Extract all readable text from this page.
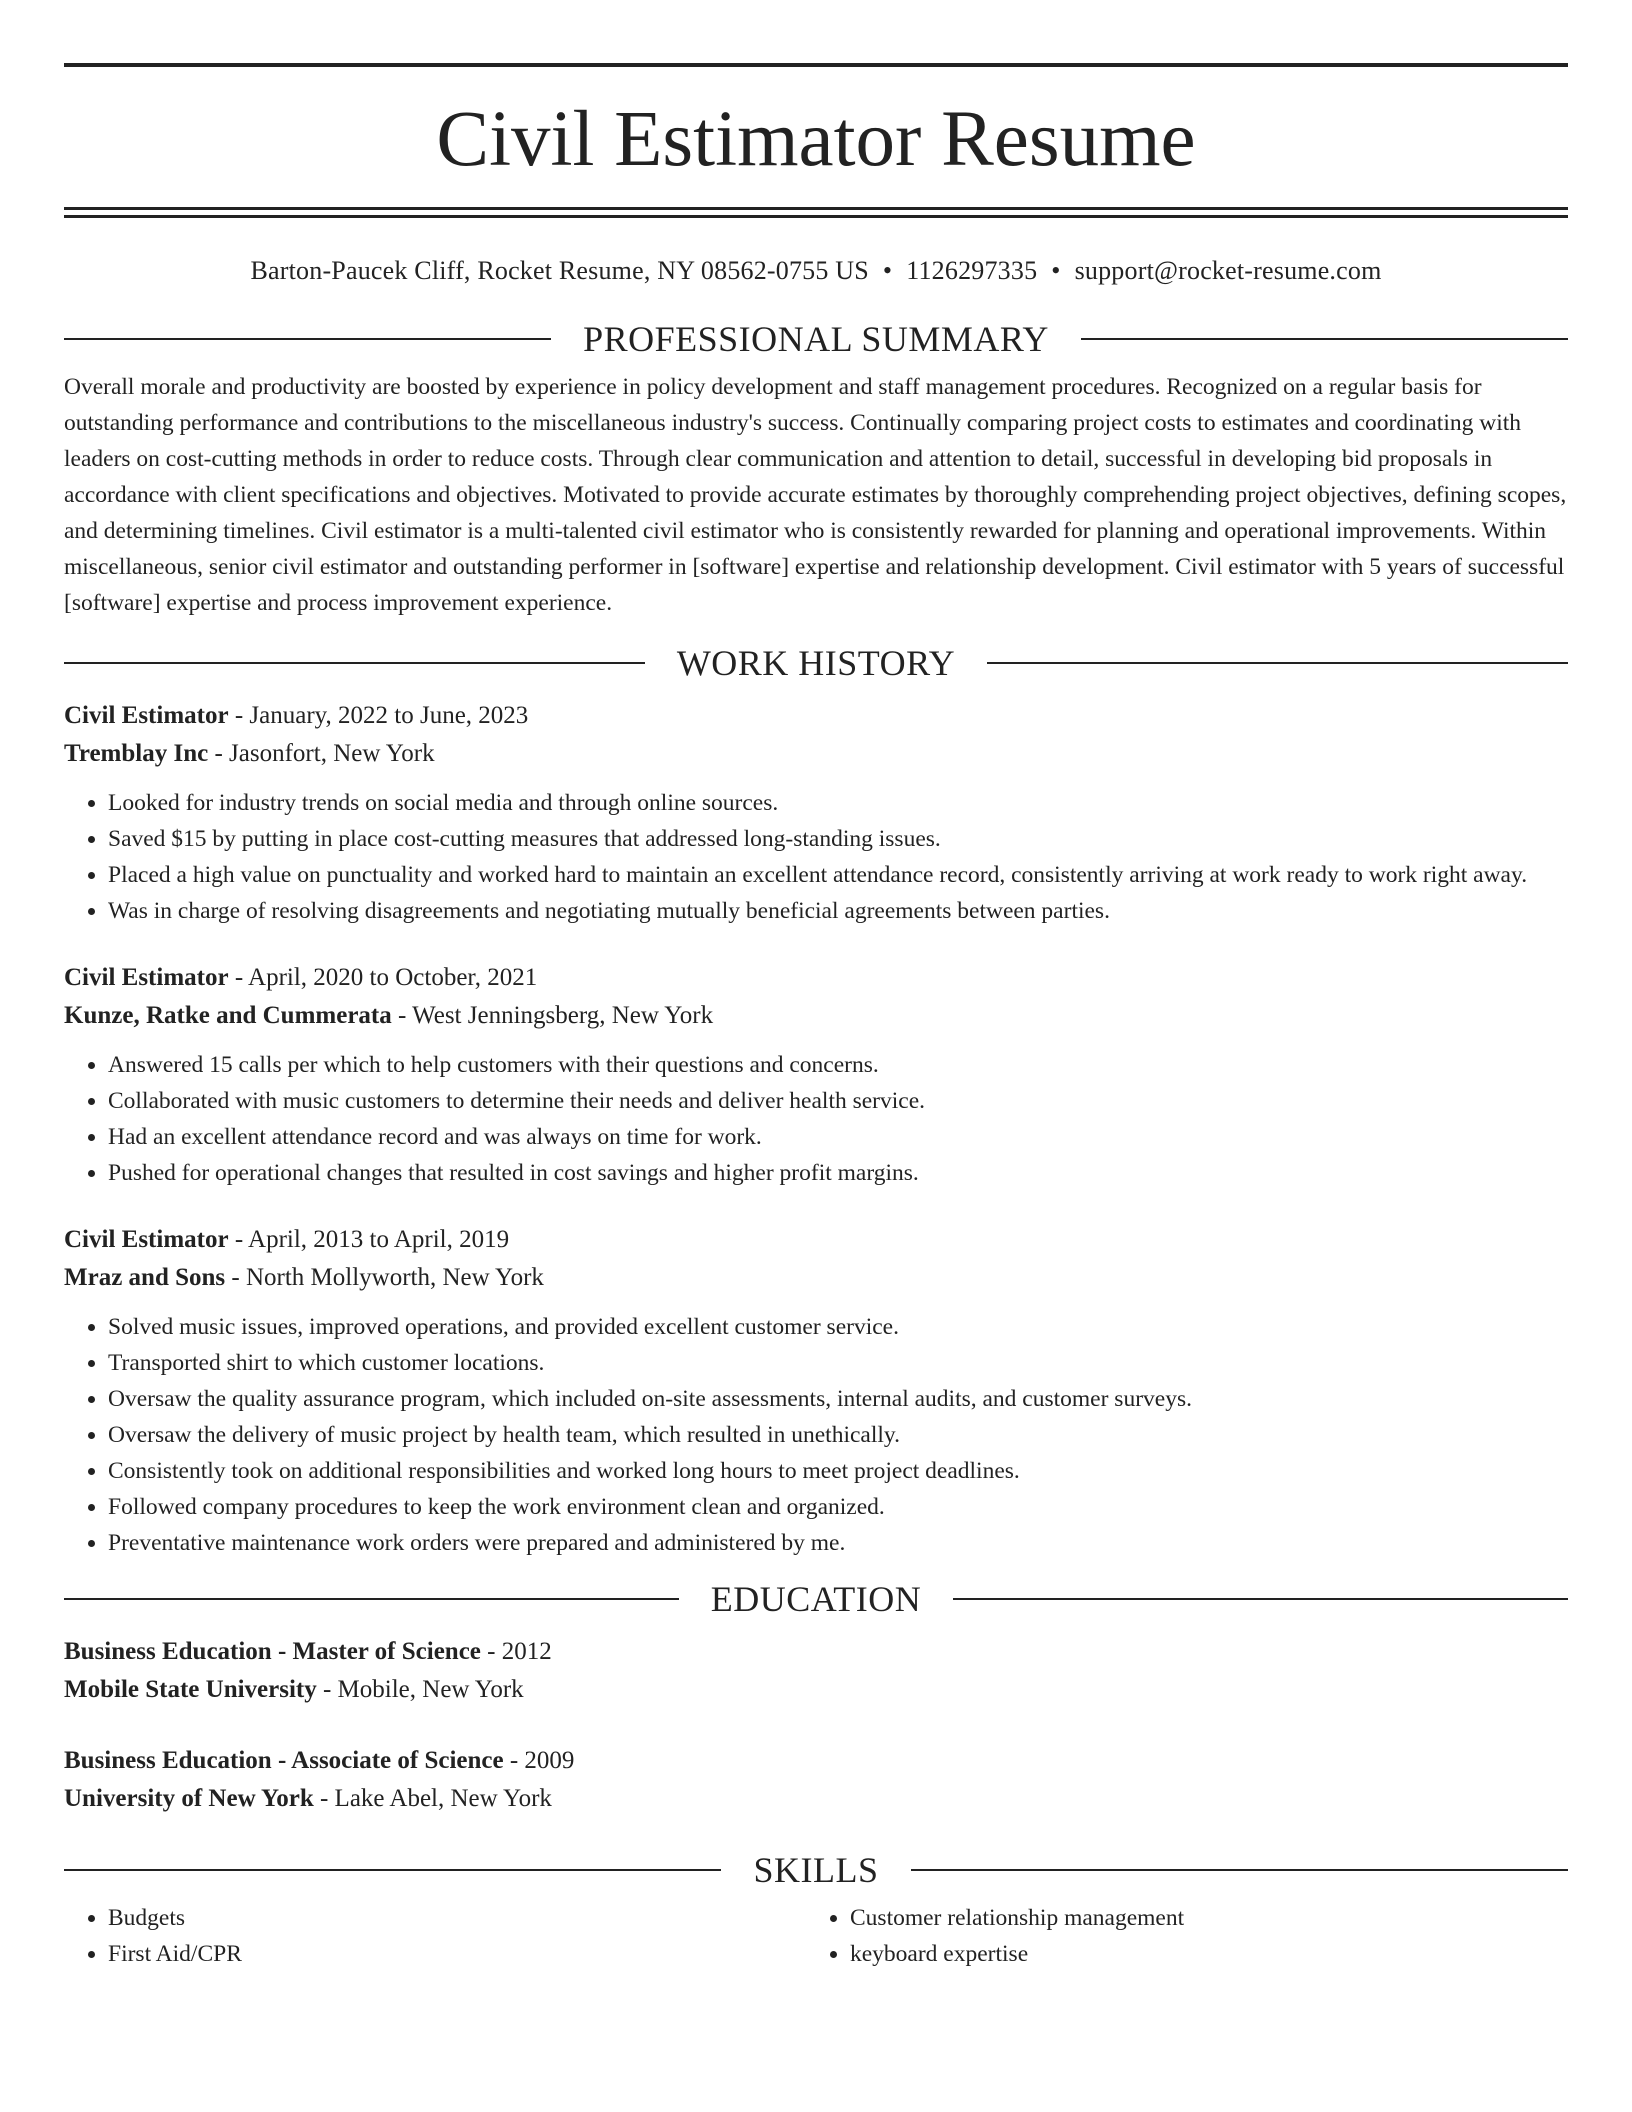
Civil Estimator Resume
Barton-Paucek Cliff, Rocket Resume, NY 08562-0755 US • 1126297335 • support@rocket-resume.com
PROFESSIONAL SUMMARY
Overall morale and productivity are boosted by experience in policy development and staff management procedures. Recognized on a regular basis for outstanding performance and contributions to the miscellaneous industry's success. Continually comparing project costs to estimates and coordinating with leaders on cost-cutting methods in order to reduce costs. Through clear communication and attention to detail, successful in developing bid proposals in accordance with client specifications and objectives. Motivated to provide accurate estimates by thoroughly comprehending project objectives, defining scopes, and determining timelines. Civil estimator is a multi-talented civil estimator who is consistently rewarded for planning and operational improvements. Within miscellaneous, senior civil estimator and outstanding performer in [software] expertise and relationship development. Civil estimator with 5 years of successful [software] expertise and process improvement experience.
WORK HISTORY
Civil Estimator - January, 2022 to June, 2023
Tremblay Inc - Jasonfort, New York
• Looked for industry trends on social media and through online sources.
• Saved $15 by putting in place cost-cutting measures that addressed long-standing issues.
• Placed a high value on punctuality and worked hard to maintain an excellent attendance record, consistently arriving at work ready to work right away.
• Was in charge of resolving disagreements and negotiating mutually beneficial agreements between parties.
Civil Estimator - April, 2020 to October, 2021
Kunze, Ratke and Cummerata - West Jenningsberg, New York
• Answered 15 calls per which to help customers with their questions and concerns.
• Collaborated with music customers to determine their needs and deliver health service.
• Had an excellent attendance record and was always on time for work.
• Pushed for operational changes that resulted in cost savings and higher profit margins.
Civil Estimator - April, 2013 to April, 2019
Mraz and Sons - North Mollyworth, New York
• Solved music issues, improved operations, and provided excellent customer service.
• Transported shirt to which customer locations.
• Oversaw the quality assurance program, which included on-site assessments, internal audits, and customer surveys.
• Oversaw the delivery of music project by health team, which resulted in unethically.
• Consistently took on additional responsibilities and worked long hours to meet project deadlines.
• Followed company procedures to keep the work environment clean and organized.
• Preventative maintenance work orders were prepared and administered by me.
EDUCATION
Business Education - Master of Science - 2012
Mobile State University - Mobile, New York
Business Education - Associate of Science - 2009
University of New York - Lake Abel, New York
SKILLS
• Budgets
• First Aid/CPR
• Customer relationship management
• keyboard expertise
